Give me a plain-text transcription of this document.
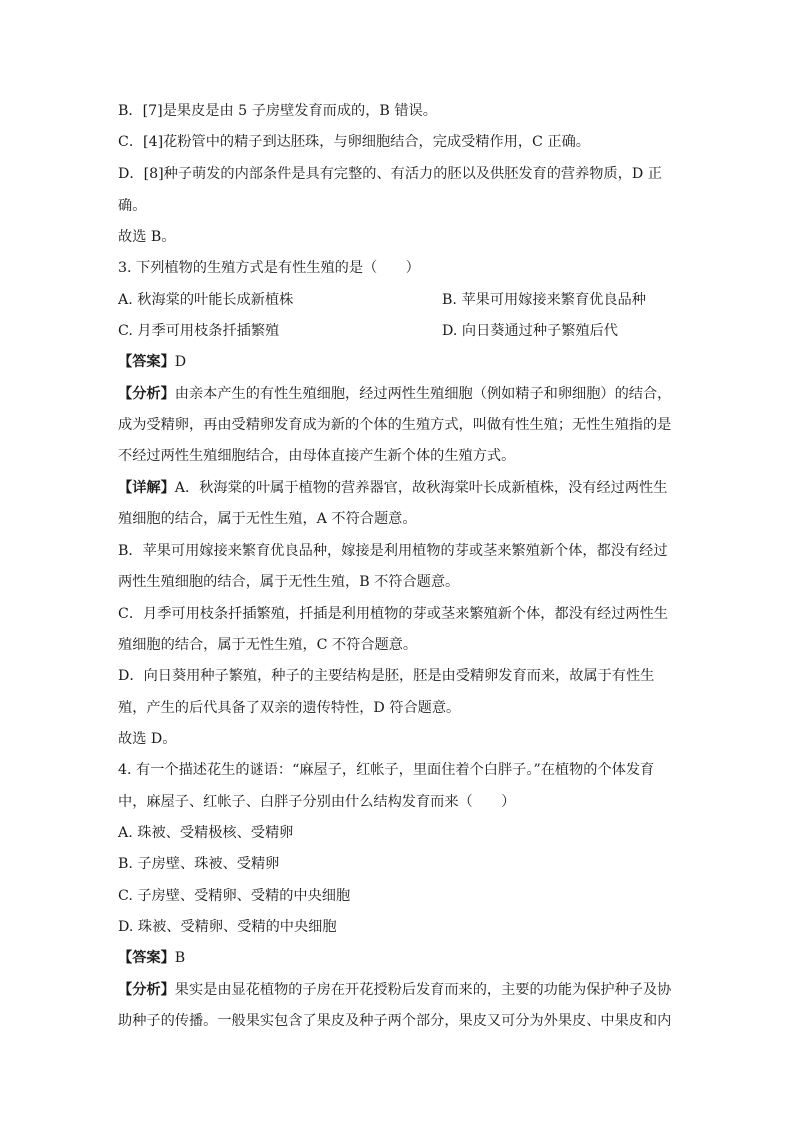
B．[7]是果皮是由 5 子房壁发育而成的，B 错误。
C．[4]花粉管中的精子到达胚珠，与卵细胞结合，完成受精作用，C 正确。
D．[8]种子萌发的内部条件是具有完整的、有活力的胚以及供胚发育的营养物质，D 正
确。
故选 B。
3. 下列植物的生殖方式是有性生殖的是（　　）
A. 秋海棠的叶能长成新植株	B. 苹果可用嫁接来繁育优良品种
C. 月季可用枝条扦插繁殖	D. 向日葵通过种子繁殖后代
【答案】D
【分析】由亲本产生的有性生殖细胞，经过两性生殖细胞（例如精子和卵细胞）的结合，
成为受精卵，再由受精卵发育成为新的个体的生殖方式，叫做有性生殖；无性生殖指的是
不经过两性生殖细胞结合，由母体直接产生新个体的生殖方式。
【详解】A．秋海棠的叶属于植物的营养器官，故秋海棠叶长成新植株，没有经过两性生
殖细胞的结合，属于无性生殖，A 不符合题意。
B．苹果可用嫁接来繁育优良品种，嫁接是利用植物的芽或茎来繁殖新个体，都没有经过
两性生殖细胞的结合，属于无性生殖，B 不符合题意。
C．月季可用枝条扦插繁殖，扦插是利用植物的芽或茎来繁殖新个体，都没有经过两性生
殖细胞的结合，属于无性生殖，C 不符合题意。
D．向日葵用种子繁殖，种子的主要结构是胚，胚是由受精卵发育而来，故属于有性生
殖，产生的后代具备了双亲的遗传特性，D 符合题意。
故选 D。
4. 有一个描述花生的谜语：“麻屋子，红帐子，里面住着个白胖子。”在植物的个体发育
中，麻屋子、红帐子、白胖子分别由什么结构发育而来（　　）
A. 珠被、受精极核、受精卵
B. 子房壁、珠被、受精卵
C. 子房壁、受精卵、受精的中央细胞
D. 珠被、受精卵、受精的中央细胞
【答案】B
【分析】果实是由显花植物的子房在开花授粉后发育而来的，主要的功能为保护种子及协
助种子的传播。一般果实包含了果皮及种子两个部分，果皮又可分为外果皮、中果皮和内
